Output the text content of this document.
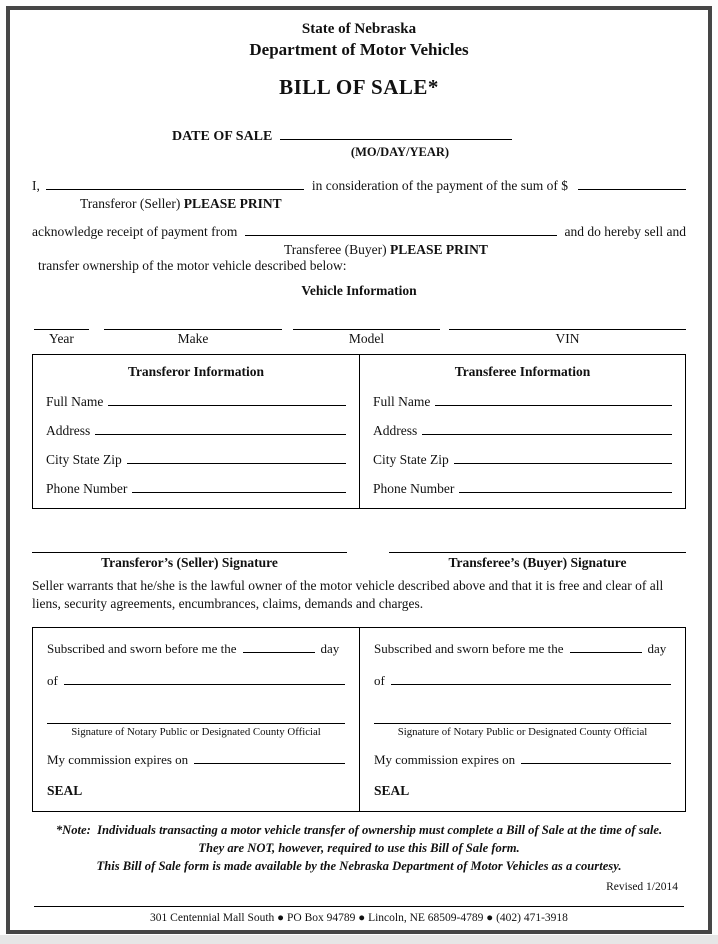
State of Nebraska
Department of Motor Vehicles
BILL OF SALE*
DATE OF SALE
(MO/DAY/YEAR)
I,	in consideration of the payment of the sum of $
Transferor (Seller) PLEASE PRINT
acknowledge receipt of payment from	and do hereby sell and
Transferee (Buyer) PLEASE PRINT

transfer ownership of the motor vehicle described below:

Vehicle Information
Year	Make	Model	VIN
Transferor Information
Full Name
Address
City State Zip
Phone Number
Transferee Information
Full Name
Address
City State Zip
Phone Number
Transferor’s (Seller) Signature	Transferee’s (Buyer) Signature

Seller warrants that he/she is the lawful owner of the motor vehicle described above and that it is free and clear of all liens, security agreements, encumbrances, claims, demands and charges.

Subscribed and sworn before me the	day
of
Signature of Notary Public or Designated County Official
My commission expires on
SEAL
Subscribed and sworn before me the	day
of
Signature of Notary Public or Designated County Official
My commission expires on
SEAL
*Note:  Individuals transacting a motor vehicle transfer of ownership must complete a Bill of Sale at the time of sale.
They are NOT, however, required to use this Bill of Sale form.
This Bill of Sale form is made available by the Nebraska Department of Motor Vehicles as a courtesy.
Revised 1/2014
301 Centennial Mall South ● PO Box 94789 ● Lincoln, NE 68509-4789 ● (402) 471-3918
